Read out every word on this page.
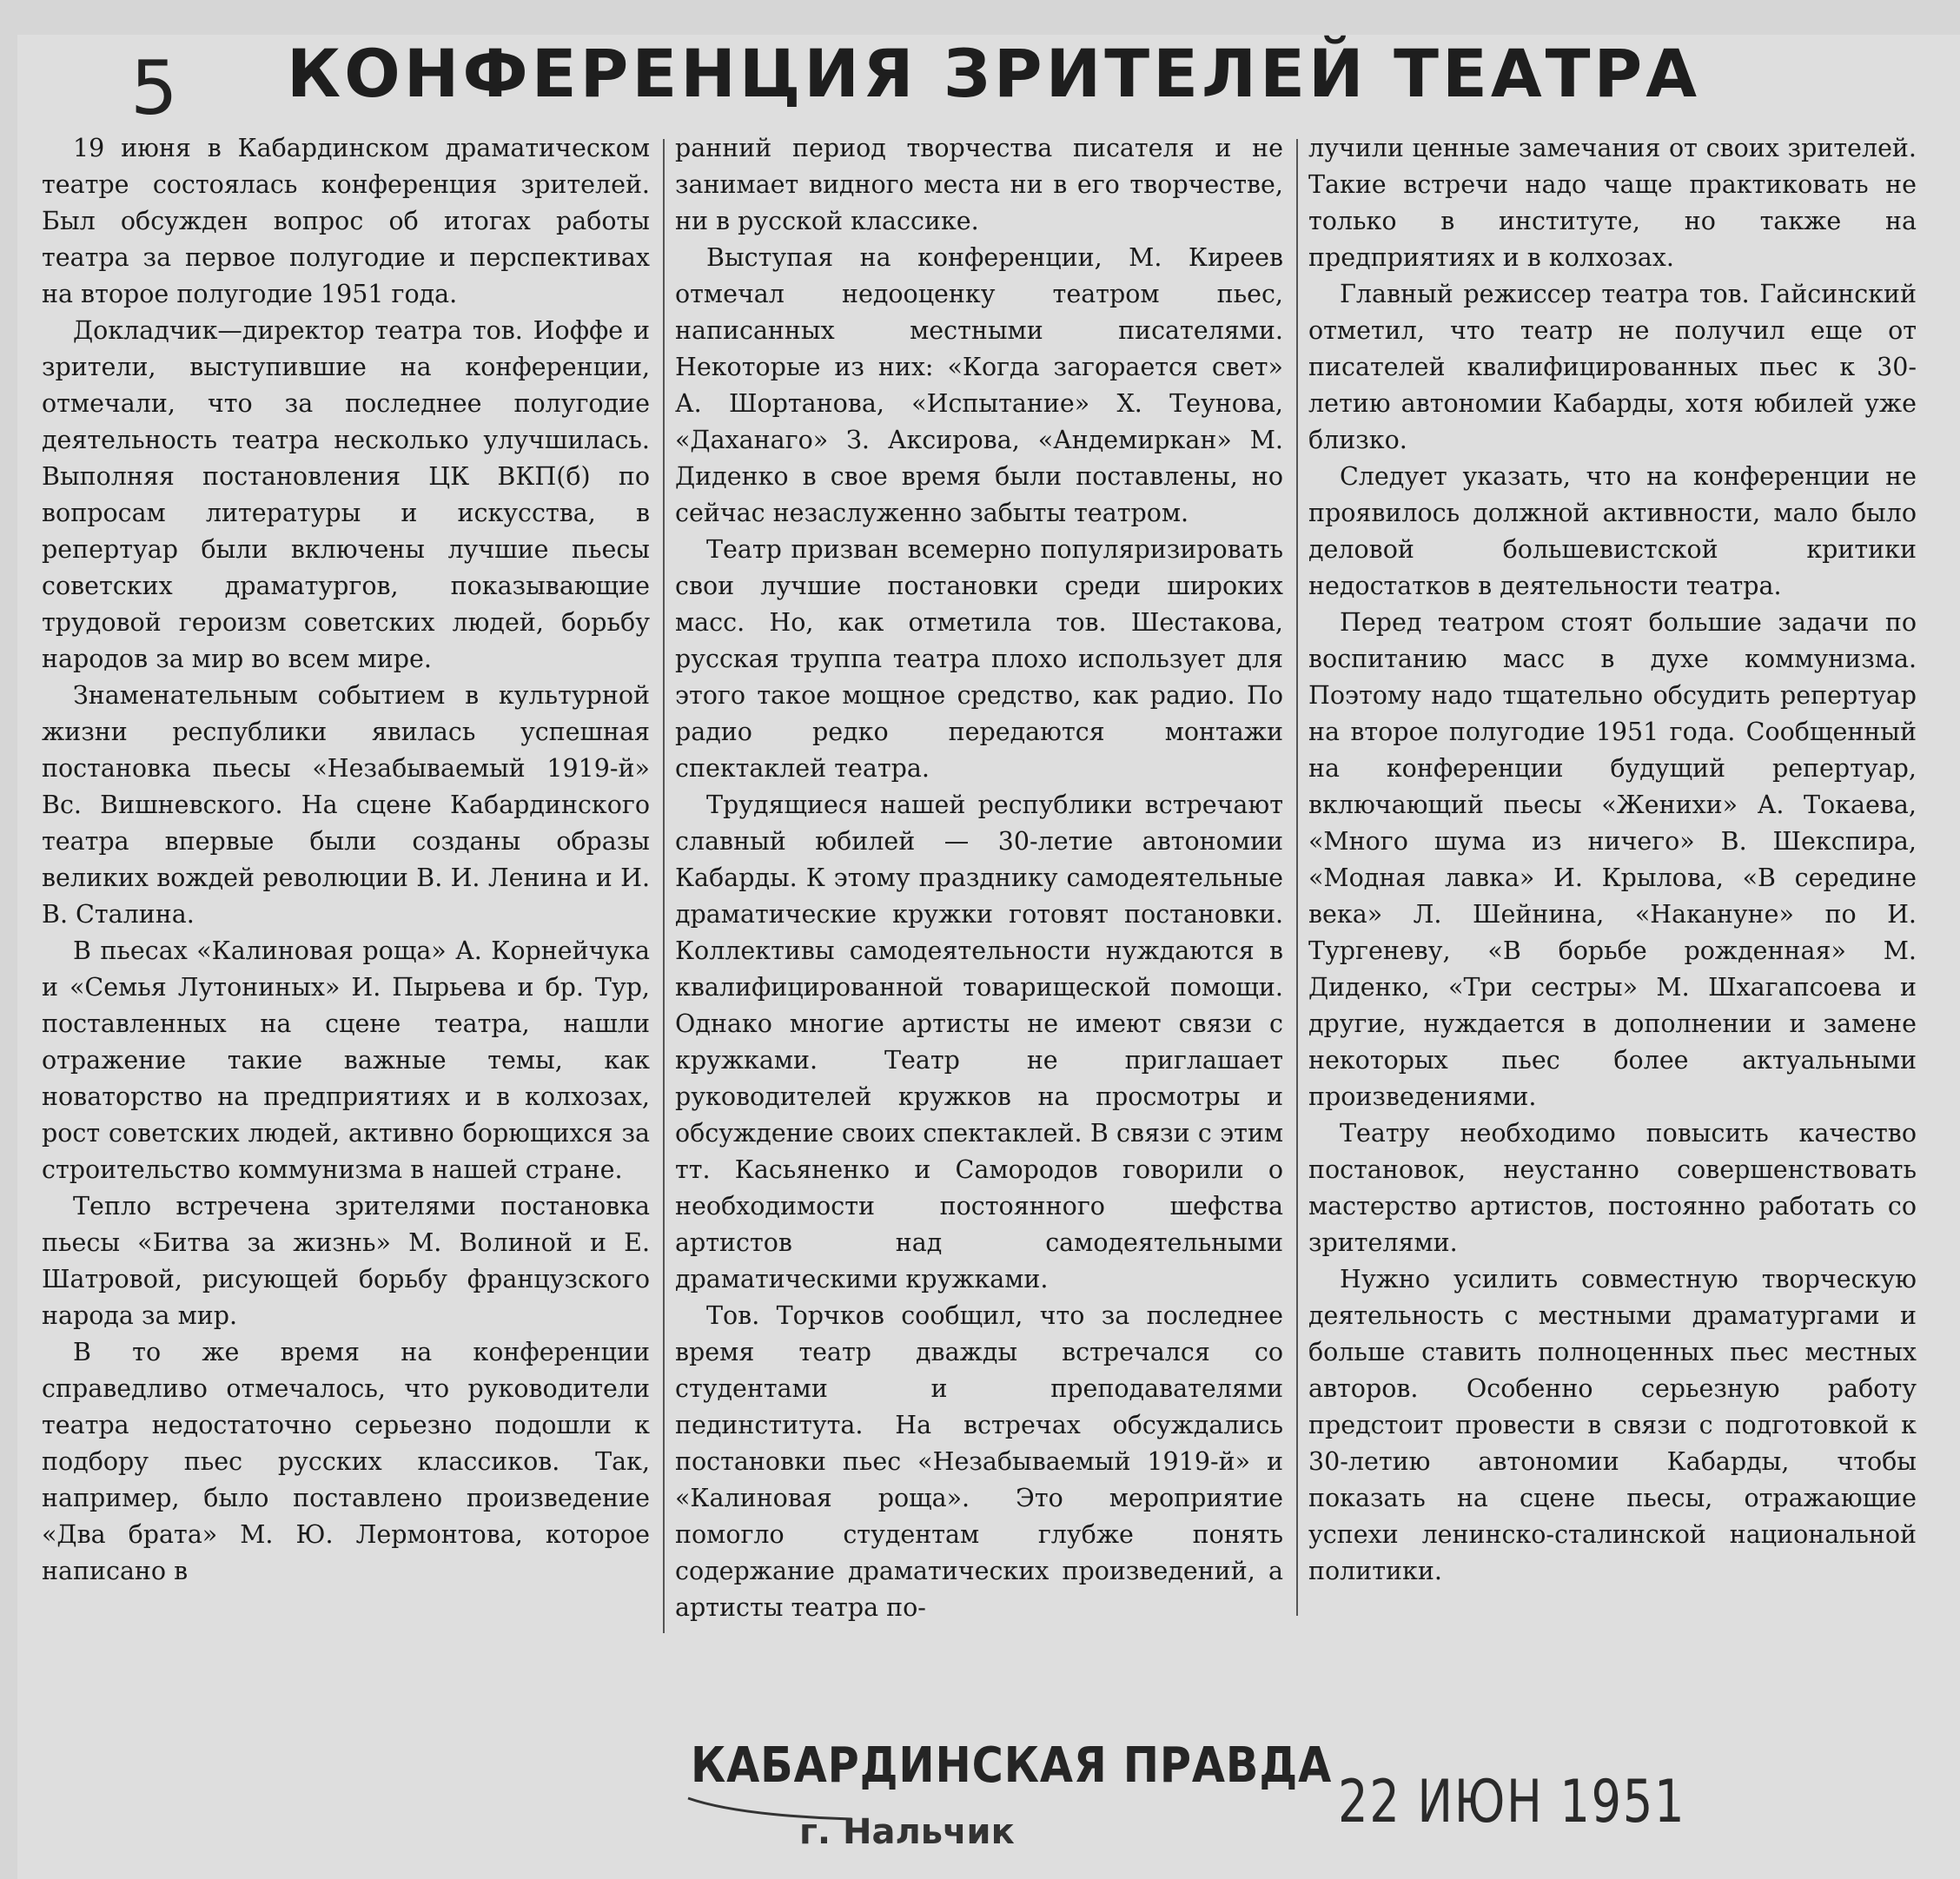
5 КОНФЕРЕНЦИЯ ЗРИТЕЛЕЙ ТЕАТРА

19 июня в Кабардинском драматическом театре состоялась конференция зрителей. Был обсужден вопрос об итогах работы театра за первое полугодие и перспективах на второе полугодие 1951 года.

Докладчик—директор театра тов. Иоффе и зрители, выступившие на конференции, отмечали, что за последнее полугодие деятельность театра несколько улучшилась. Выполняя постановления ЦК ВКП(б) по вопросам литературы и искусства, в репертуар были включены лучшие пьесы советских драматургов, показывающие трудовой героизм советских людей, борьбу народов за мир во всем мире.

Знаменательным событием в культурной жизни республики явилась успешная постановка пьесы «Незабываемый 1919-й» Вс. Вишневского. На сцене Кабардинского театра впервые были созданы образы великих вождей революции В. И. Ленина и И. В. Сталина.

В пьесах «Калиновая роща» А. Корнейчука и «Семья Лутониных» И. Пырьева и бр. Тур, поставленных на сцене театра, нашли отражение такие важные темы, как новаторство на предприятиях и в колхозах, рост советских людей, активно борющихся за строительство коммунизма в нашей стране.

Тепло встречена зрителями постановка пьесы «Битва за жизнь» М. Волиной и Е. Шатровой, рисующей борьбу французского народа за мир.

В то же время на конференции справедливо отмечалось, что руководители театра недостаточно серьезно подошли к подбору пьес русских классиков. Так, например, было поставлено произведение «Два брата» М. Ю. Лермонтова, которое написано в

ранний период творчества писателя и не занимает видного места ни в его творчестве, ни в русской классике.

Выступая на конференции, М. Киреев отмечал недооценку театром пьес, написанных местными писателями. Некоторые из них: «Когда загорается свет» А. Шортанова, «Испытание» Х. Теунова, «Даханаго» З. Аксирова, «Андемиркан» М. Диденко в свое время были поставлены, но сейчас незаслуженно забыты театром.

Театр призван всемерно популяризировать свои лучшие постановки среди широких масс. Но, как отметила тов. Шестакова, русская труппа театра плохо использует для этого такое мощное средство, как радио. По радио редко передаются монтажи спектаклей театра.

Трудящиеся нашей республики встречают славный юбилей — 30-летие автономии Кабарды. К этому празднику самодеятельные драматические кружки готовят постановки. Коллективы самодеятельности нуждаются в квалифицированной товарищеской помощи. Однако многие артисты не имеют связи с кружками. Театр не приглашает руководителей кружков на просмотры и обсуждение своих спектаклей. В связи с этим тт. Касьяненко и Самородов говорили о необходимости постоянного шефства артистов над самодеятельными драматическими кружками.

Тов. Торчков сообщил, что за последнее время театр дважды встречался со студентами и преподавателями пединститута. На встречах обсуждались постановки пьес «Незабываемый 1919-й» и «Калиновая роща». Это мероприятие помогло студентам глубже понять содержание драматических произведений, а артисты театра по-

лучили ценные замечания от своих зрителей. Такие встречи надо чаще практиковать не только в институте, но также на предприятиях и в колхозах.

Главный режиссер театра тов. Гайсинский отметил, что театр не получил еще от писателей квалифицированных пьес к 30-летию автономии Кабарды, хотя юбилей уже близко.

Следует указать, что на конференции не проявилось должной активности, мало было деловой большевистской критики недостатков в деятельности театра.

Перед театром стоят большие задачи по воспитанию масс в духе коммунизма. Поэтому надо тщательно обсудить репертуар на второе полугодие 1951 года. Сообщенный на конференции будущий репертуар, включающий пьесы «Женихи» А. Токаева, «Много шума из ничего» В. Шекспира, «Модная лавка» И. Крылова, «В середине века» Л. Шейнина, «Накануне» по И. Тургеневу, «В борьбе рожденная» М. Диденко, «Три сестры» М. Шхагапсоева и другие, нуждается в дополнении и замене некоторых пьес более актуальными произведениями.

Театру необходимо повысить качество постановок, неустанно совершенствовать мастерство артистов, постоянно работать со зрителями.

Нужно усилить совместную творческую деятельность с местными драматургами и больше ставить полноценных пьес местных авторов. Особенно серьезную работу предстоит провести в связи с подготовкой к 30-летию автономии Кабарды, чтобы показать на сцене пьесы, отражающие успехи ленинско-сталинской национальной политики.

КАБАРДИНСКАЯ ПРАВДА
г. Нальчик	22 ИЮН 1951
